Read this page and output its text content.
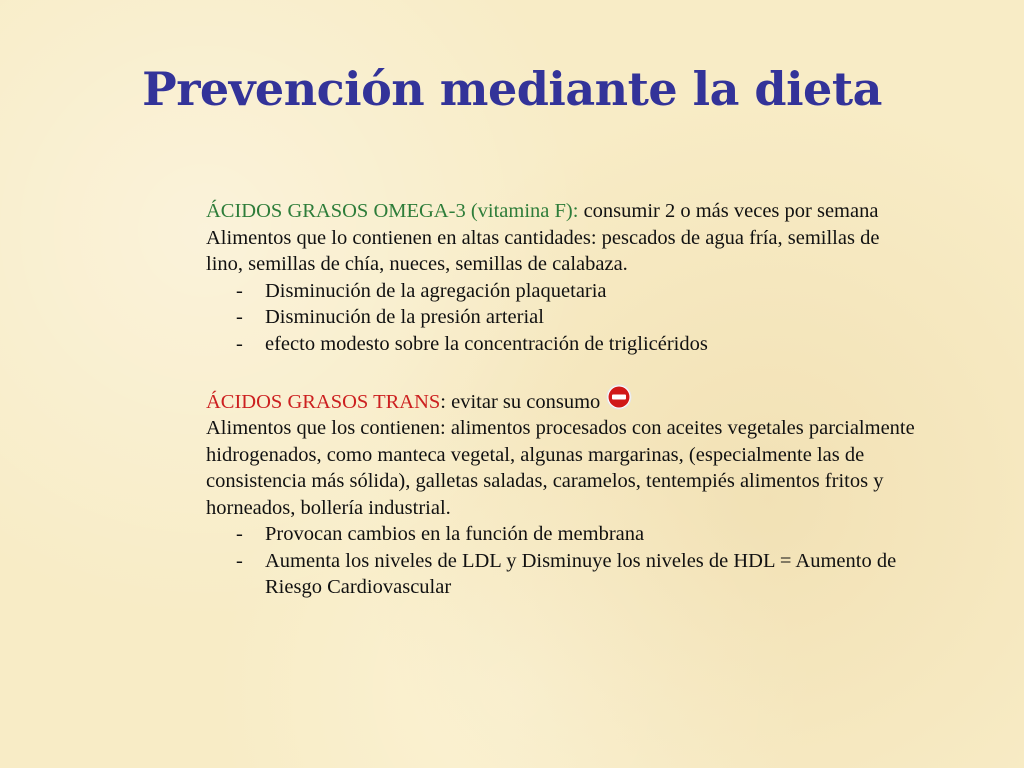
Prevención mediante la dieta

ÁCIDOS GRASOS OMEGA-3 (vitamina F): consumir 2 o más veces por semana

Alimentos que lo contienen en altas cantidades: pescados de agua fría, semillas de lino, semillas de chía, nueces, semillas de calabaza.

- Disminución de la agregación plaquetaria
- Disminución de la presión arterial
- efecto modesto sobre la concentración de triglicéridos

ÁCIDOS GRASOS TRANS: evitar su consumo

Alimentos que los contienen: alimentos procesados con aceites vegetales parcialmente hidrogenados, como manteca vegetal, algunas margarinas, (especialmente las de consistencia más sólida), galletas saladas, caramelos, tentempiés alimentos fritos y horneados, bollería industrial.

- Provocan cambios en la función de membrana
- Aumenta los niveles de LDL y Disminuye los niveles de HDL = Aumento de Riesgo Cardiovascular
